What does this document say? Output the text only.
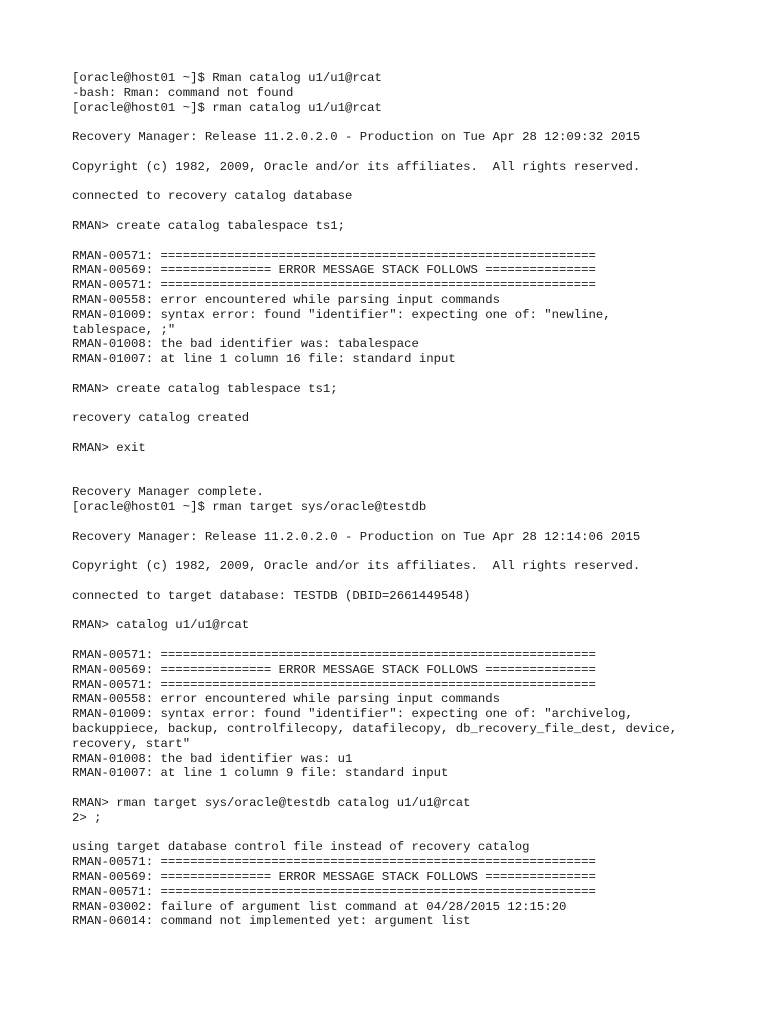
[oracle@host01 ~]$ Rman catalog u1/u1@rcat
-bash: Rman: command not found
[oracle@host01 ~]$ rman catalog u1/u1@rcat
Recovery Manager: Release 11.2.0.2.0 - Production on Tue Apr 28 12:09:32 2015
Copyright (c) 1982, 2009, Oracle and/or its affiliates.  All rights reserved.
connected to recovery catalog database
RMAN> create catalog tabalespace ts1;
RMAN-00571: ===========================================================
RMAN-00569: =============== ERROR MESSAGE STACK FOLLOWS ===============
RMAN-00571: ===========================================================
RMAN-00558: error encountered while parsing input commands
RMAN-01009: syntax error: found "identifier": expecting one of: "newline,
tablespace, ;"
RMAN-01008: the bad identifier was: tabalespace
RMAN-01007: at line 1 column 16 file: standard input
RMAN> create catalog tablespace ts1;
recovery catalog created
RMAN> exit
Recovery Manager complete.
[oracle@host01 ~]$ rman target sys/oracle@testdb
Recovery Manager: Release 11.2.0.2.0 - Production on Tue Apr 28 12:14:06 2015
Copyright (c) 1982, 2009, Oracle and/or its affiliates.  All rights reserved.
connected to target database: TESTDB (DBID=2661449548)
RMAN> catalog u1/u1@rcat
RMAN-00571: ===========================================================
RMAN-00569: =============== ERROR MESSAGE STACK FOLLOWS ===============
RMAN-00571: ===========================================================
RMAN-00558: error encountered while parsing input commands
RMAN-01009: syntax error: found "identifier": expecting one of: "archivelog,
backuppiece, backup, controlfilecopy, datafilecopy, db_recovery_file_dest, device,
recovery, start"
RMAN-01008: the bad identifier was: u1
RMAN-01007: at line 1 column 9 file: standard input
RMAN> rman target sys/oracle@testdb catalog u1/u1@rcat
2> ;
using target database control file instead of recovery catalog
RMAN-00571: ===========================================================
RMAN-00569: =============== ERROR MESSAGE STACK FOLLOWS ===============
RMAN-00571: ===========================================================
RMAN-03002: failure of argument list command at 04/28/2015 12:15:20
RMAN-06014: command not implemented yet: argument list
